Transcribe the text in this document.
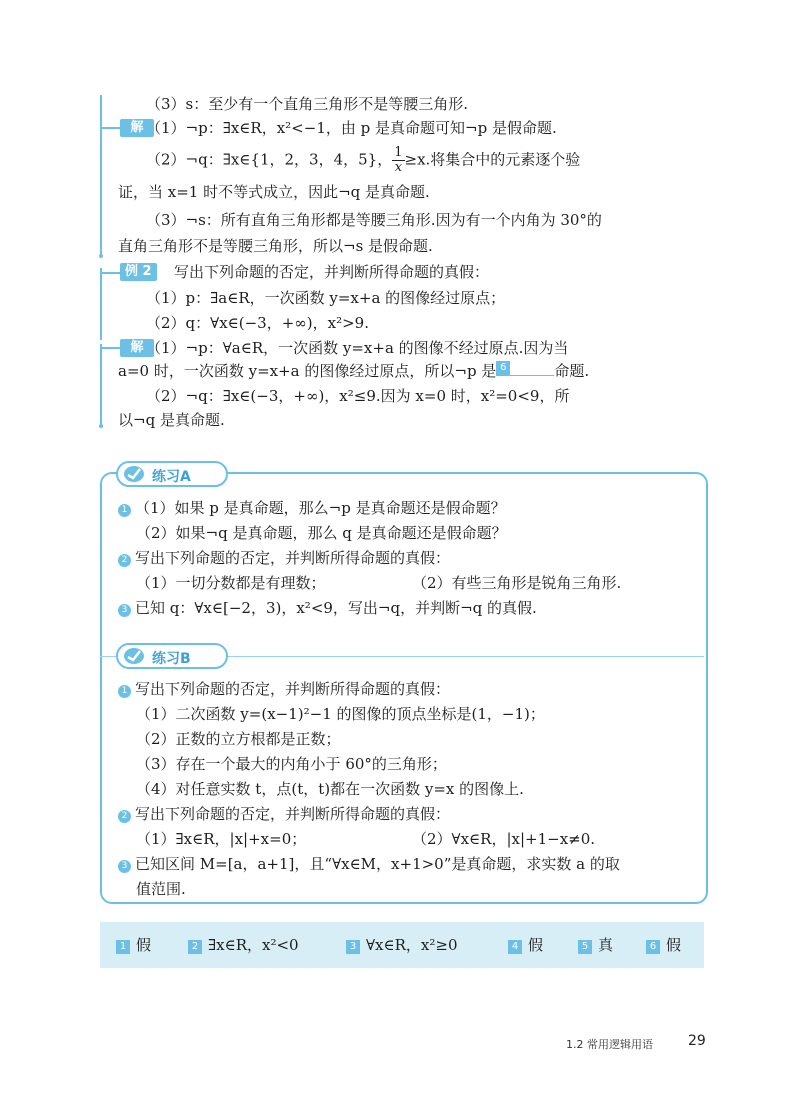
（3）s：至少有一个直角三角形不是等腰三角形.
解 （1）¬p：∃x∈R，x²<−1，由 p 是真命题可知¬p 是假命题.
（2）¬q：∃x∈{1，2，3，4，5}， $\frac{1}{x} \ge x$.将集合中的元素逐个验
证，当 x=1 时不等式成立，因此¬q 是真命题.
（3）¬s：所有直角三角形都是等腰三角形.因为有一个内角为 30°的
直角三角形不是等腰三角形，所以¬s 是假命题.
例 2	写出下列命题的否定，并判断所得命题的真假：
（1）p：∃a∈R，一次函数 y=x+a 的图像经过原点；
（2）q：∀x∈(−3，+∞)，x²>9.
解 （1）¬p：∀a∈R，一次函数 y=x+a 的图像不经过原点.因为当
a=0 时，一次函数 y=x+a 的图像经过原点，所以¬p 是 6	命题.
（2）¬q：∃x∈(−3，+∞)，x²≤9.因为 x=0 时，x²=0<9，所
以¬q 是真命题.
练习A
1 （1）如果 p 是真命题，那么¬p 是真命题还是假命题？
（2）如果¬q 是真命题，那么 q 是真命题还是假命题？
2 写出下列命题的否定，并判断所得命题的真假：
（1）一切分数都是有理数；	（2）有些三角形是锐角三角形.
3 已知 q：∀x∈[−2，3)，x²<9，写出¬q，并判断¬q 的真假.
练习B
1 写出下列命题的否定，并判断所得命题的真假：
（1）二次函数 y=(x−1)²−1 的图像的顶点坐标是(1，−1)；
（2）正数的立方根都是正数；
（3）存在一个最大的内角小于 60°的三角形；
（4）对任意实数 t，点(t，t)都在一次函数 y=x 的图像上.
2 写出下列命题的否定，并判断所得命题的真假：
（1）∃x∈R，|x|+x=0；	（2）∀x∈R，|x|+1−x≠0.
3 已知区间 M=[a，a+1]，且“∀x∈M，x+1>0”是真命题，求实数 a 的取
值范围.
1 假	2 ∃x∈R，x²<0	3 ∀x∈R，x²≥0	4 假	5 真	6 假
1.2 常用逻辑用语	29
